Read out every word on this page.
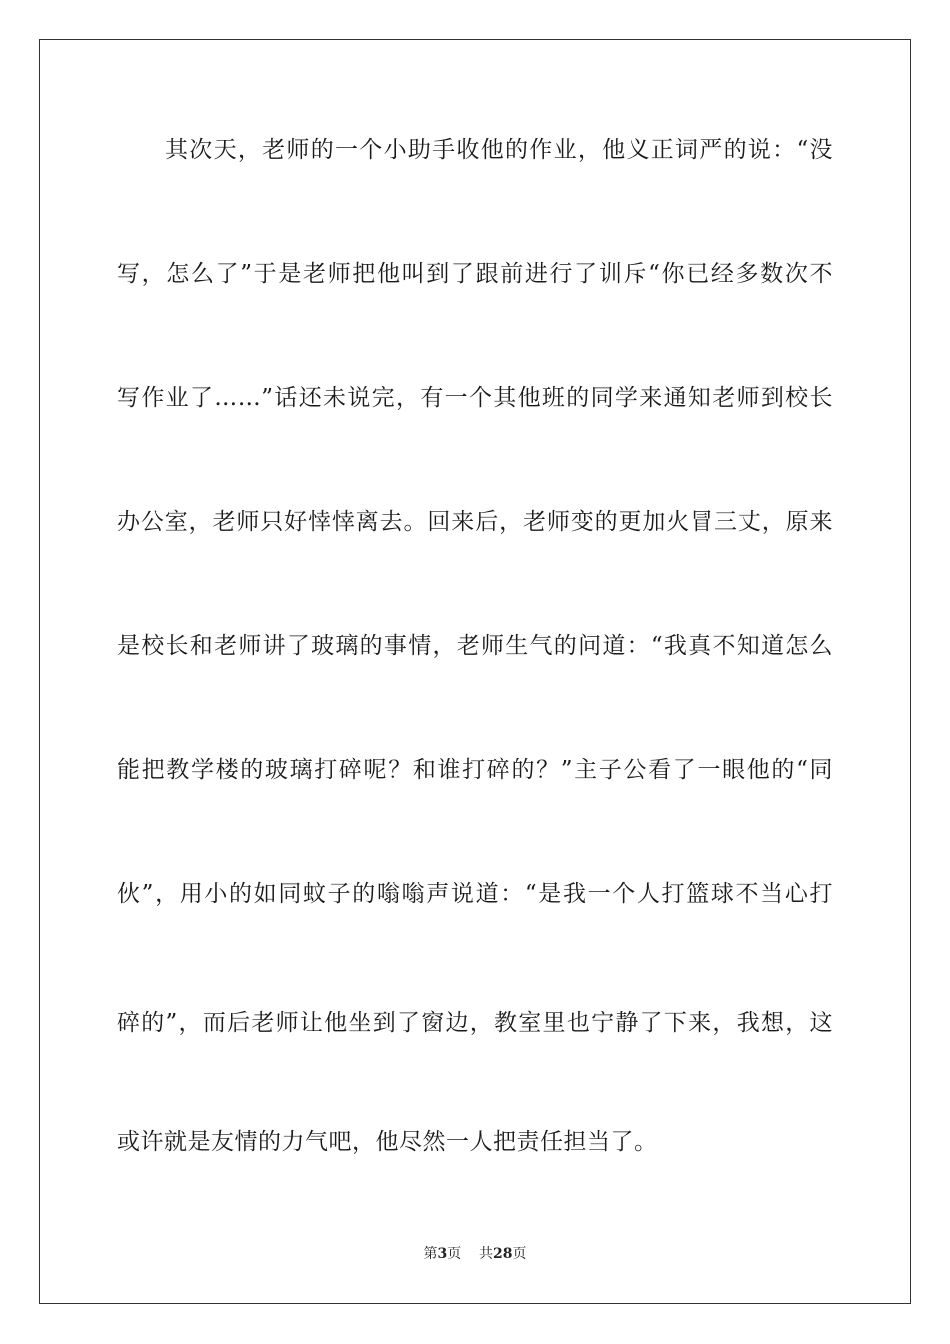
其次天，老师的一个小助手收他的作业，他义正词严的说：“没
写，怎么了”于是老师把他叫到了跟前进行了训斥“你已经多数次不
写作业了……”话还未说完，有一个其他班的同学来通知老师到校长
办公室，老师只好悻悻离去。回来后，老师变的更加火冒三丈，原来
是校长和老师讲了玻璃的事情，老师生气的问道：“我真不知道怎么
能把教学楼的玻璃打碎呢？和谁打碎的？”主子公看了一眼他的“同
伙”，用小的如同蚊子的嗡嗡声说道：“是我一个人打篮球不当心打
碎的”，而后老师让他坐到了窗边，教室里也宁静了下来，我想，这
或许就是友情的力气吧，他尽然一人把责任担当了。
第3页 共28页
